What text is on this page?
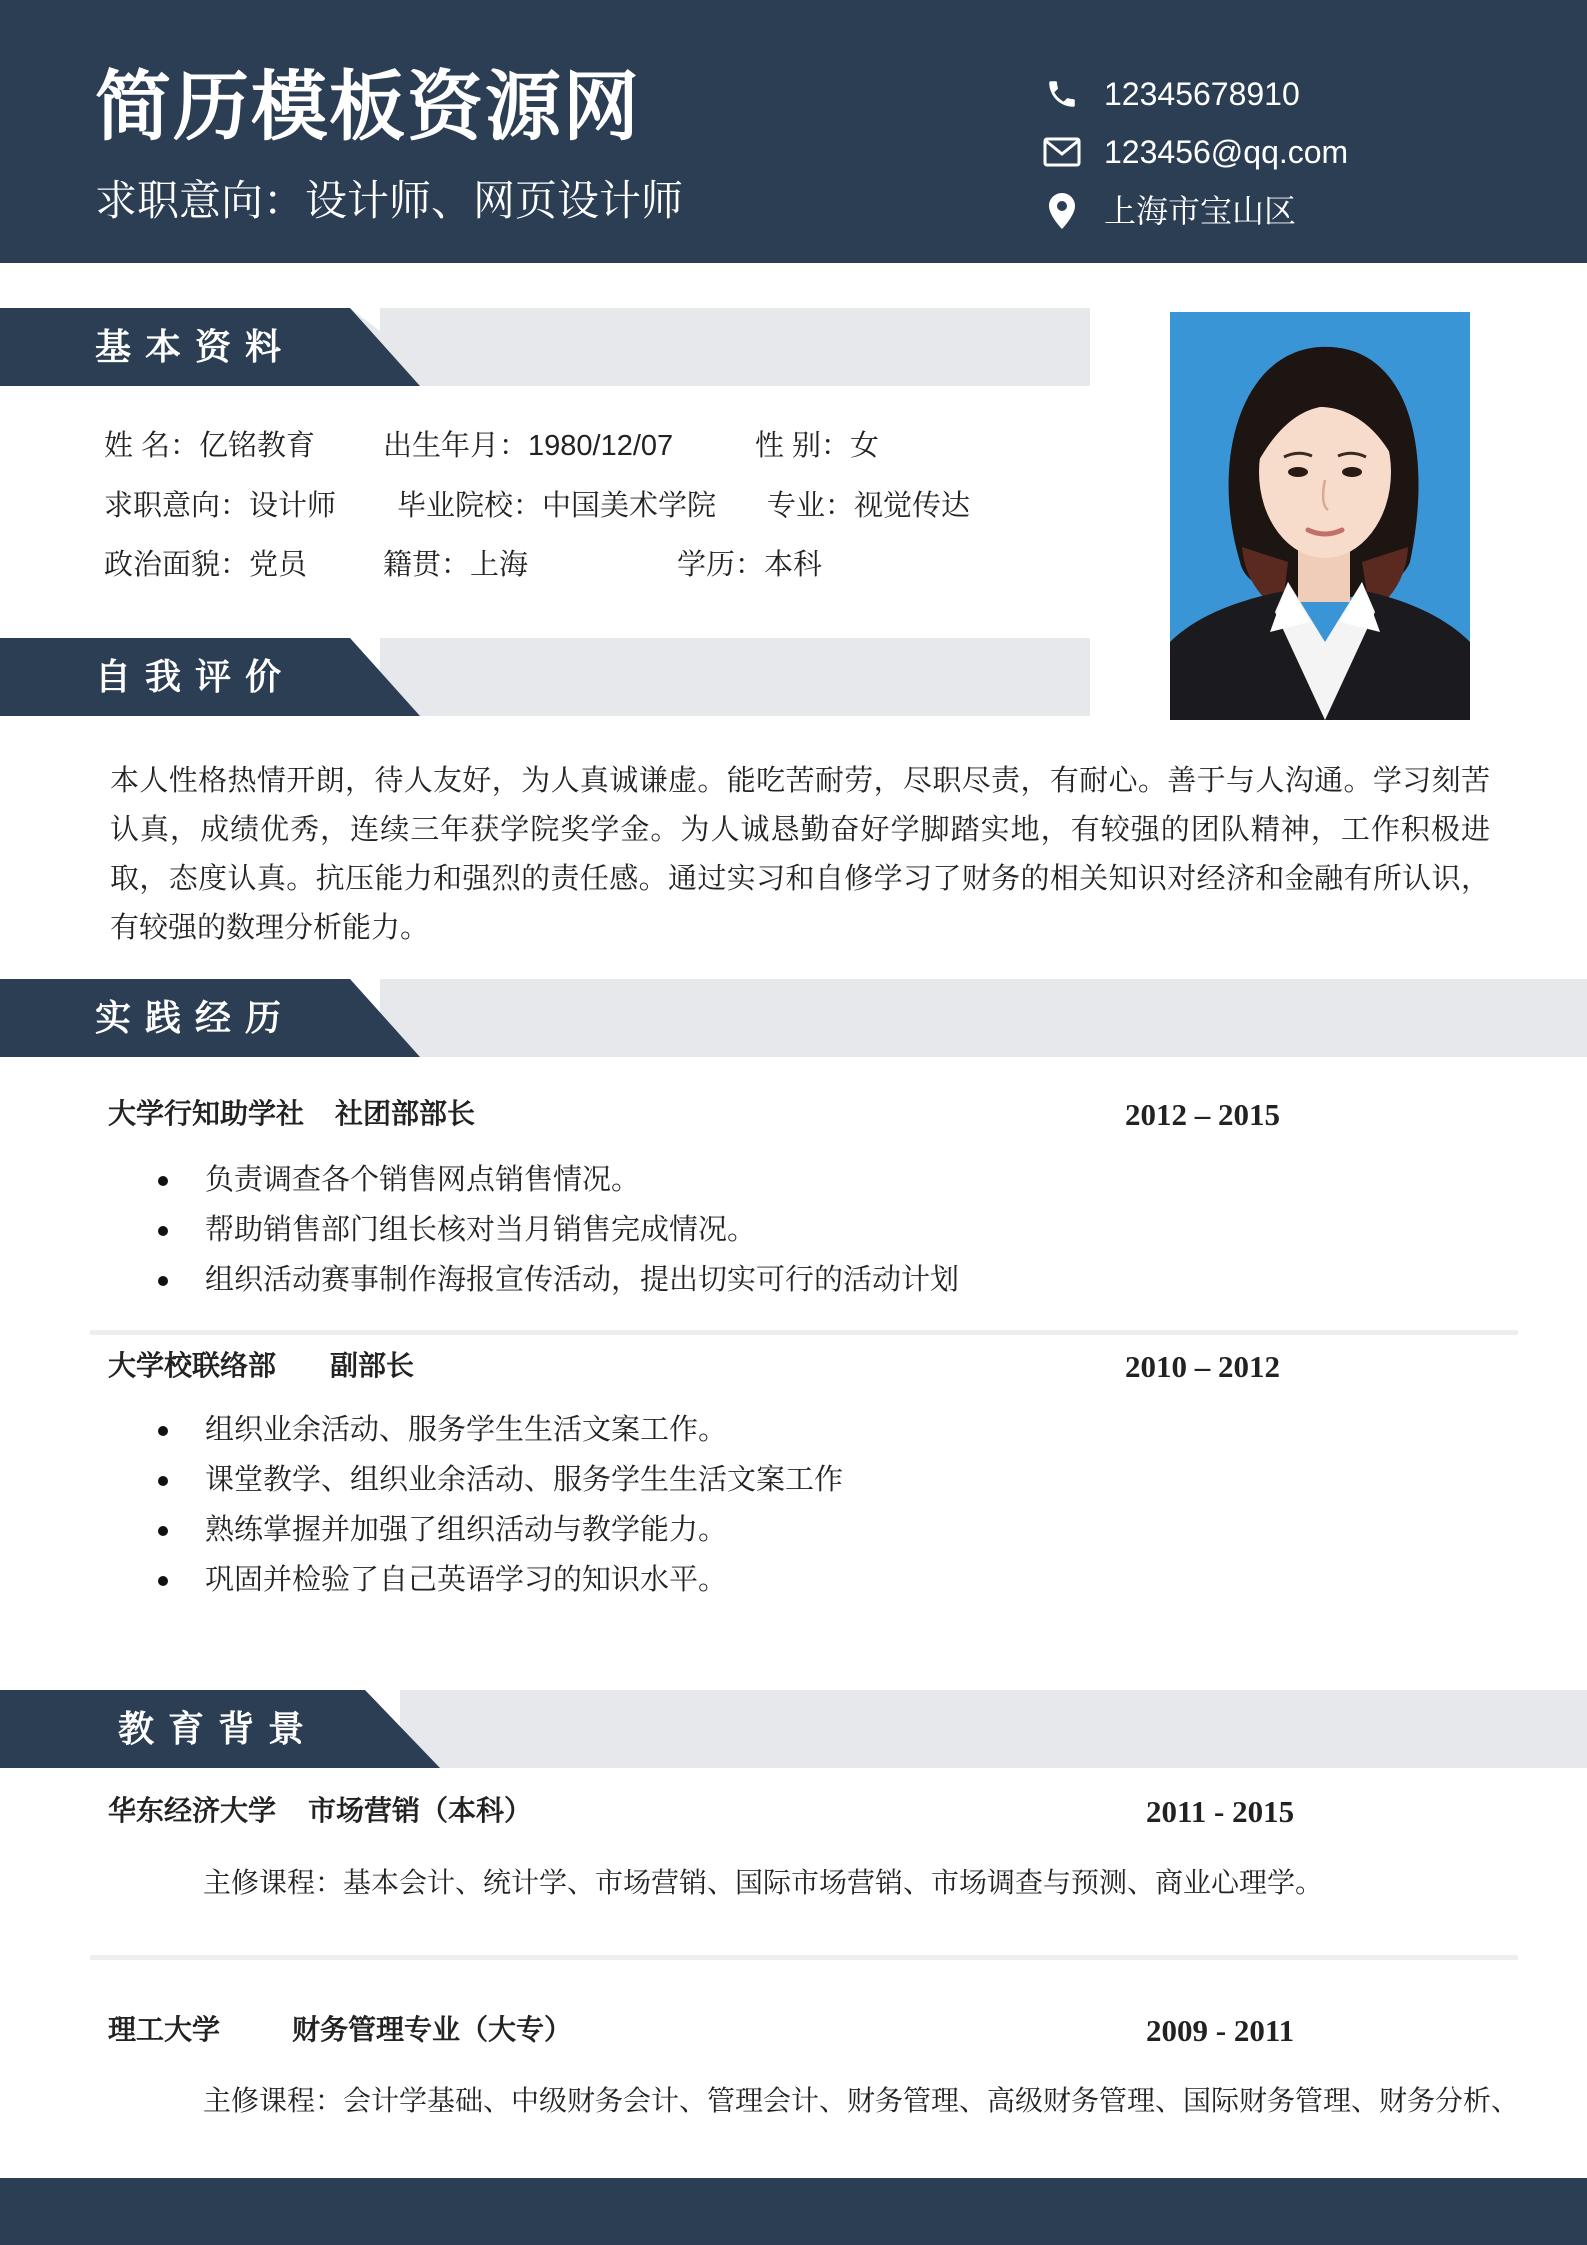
简历模板资源网
求职意向：设计师、网页设计师
12345678910
123456@qq.com
上海市宝山区
基本资料
姓 名：亿铭教育 出生年月：1980/12/07	性 别：女
求职意向：设计师 毕业院校：中国美术学院 专业：视觉传达
政治面貌：党员	籍贯：上海	学历：本科
自我评价
本人性格热情开朗，待人友好，为人真诚谦虚。能吃苦耐劳，尽职尽责，有耐心。善于与人沟通。学习刻苦认真，成绩优秀，连续三年获学院奖学金。为人诚恳勤奋好学脚踏实地，有较强的团队精神，工作积极进取，态度认真。抗压能力和强烈的责任感。通过实习和自修学习了财务的相关知识对经济和金融有所认识，有较强的数理分析能力。
实践经历
大学行知助学社 社团部部长	2012 – 2015
负责调查各个销售网点销售情况。
帮助销售部门组长核对当月销售完成情况。
组织活动赛事制作海报宣传活动，提出切实可行的活动计划
大学校联络部 副部长	2010 – 2012
组织业余活动、服务学生生活文案工作。
课堂教学、组织业余活动、服务学生生活文案工作
熟练掌握并加强了组织活动与教学能力。
巩固并检验了自己英语学习的知识水平。
教育背景
华东经济大学 市场营销（本科）	2011 - 2015
主修课程：基本会计、统计学、市场营销、国际市场营销、市场调查与预测、商业心理学。
理工大学	财务管理专业（大专）	2009 - 2011
主修课程：会计学基础、中级财务会计、管理会计、财务管理、高级财务管理、国际财务管理、财务分析、
